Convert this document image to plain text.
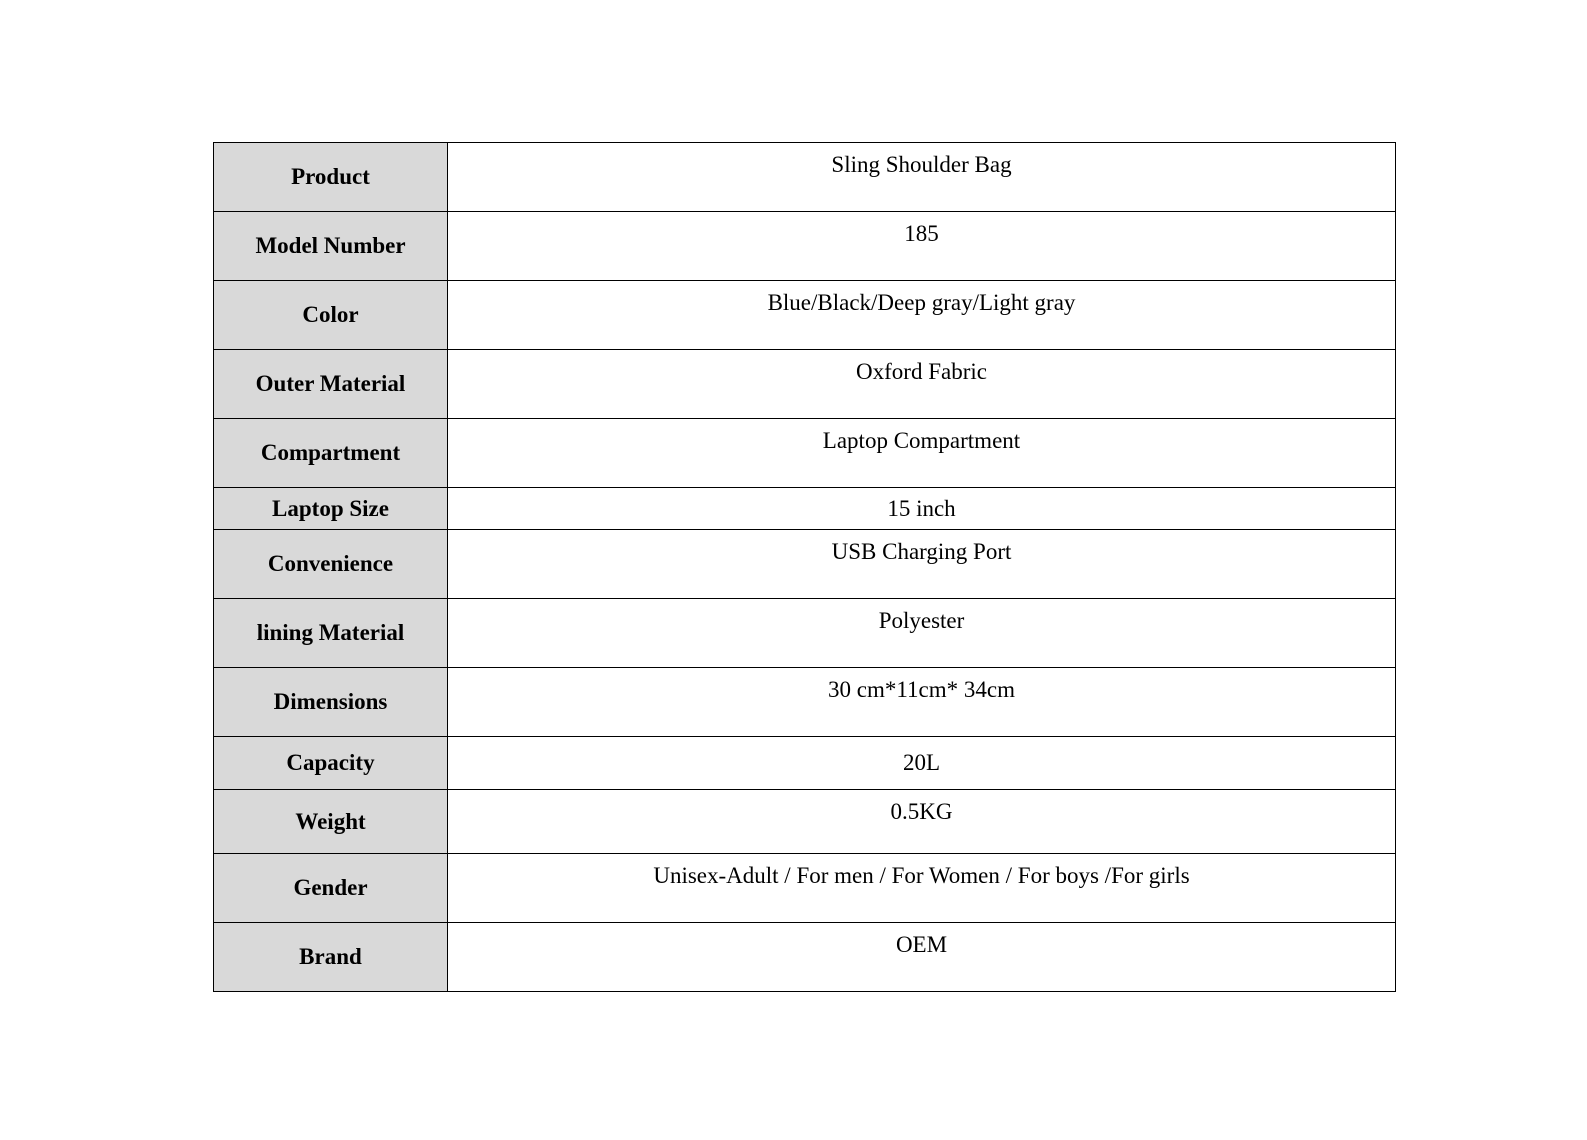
Product	Sling Shoulder Bag
Model Number	185
Color	Blue/Black/Deep gray/Light gray
Outer Material	Oxford Fabric
Compartment	Laptop Compartment
Laptop Size	15 inch
Convenience	USB Charging Port
lining Material	Polyester
Dimensions	30 cm*11cm* 34cm
Capacity	20L
Weight	0.5KG
Gender	Unisex-Adult / For men / For Women / For boys /For girls
Brand	OEM
